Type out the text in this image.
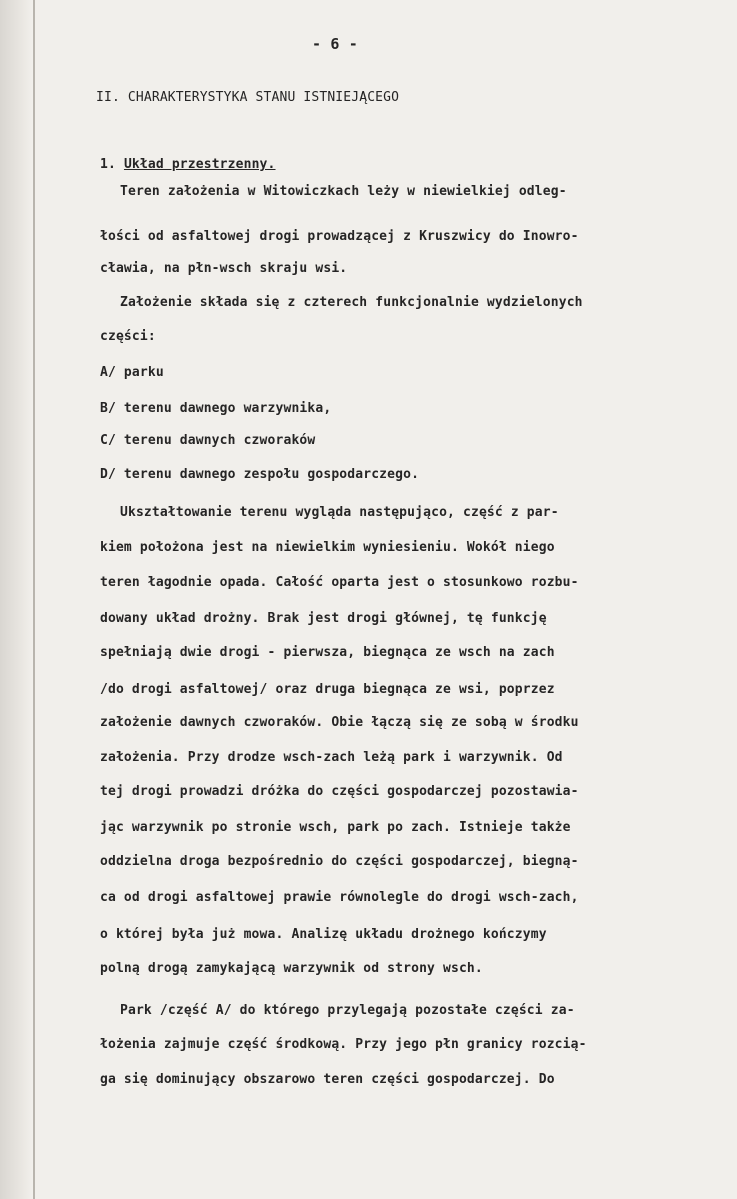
- 6 -
II. CHARAKTERYSTYKA STANU ISTNIEJĄCEGO
1. Układ przestrzenny.
Teren założenia w Witowiczkach leży w niewielkiej odleg-
łości od asfaltowej drogi prowadzącej z Kruszwicy do Inowro-
cławia, na płn-wsch skraju wsi.
Założenie składa się z czterech funkcjonalnie wydzielonych
części:
A/ parku
B/ terenu dawnego warzywnika,
C/ terenu dawnych czworaków
D/ terenu dawnego zespołu gospodarczego.
Ukształtowanie terenu wygląda następująco, część z par-
kiem położona jest na niewielkim wyniesieniu. Wokół niego
teren łagodnie opada. Całość oparta jest o stosunkowo rozbu-
dowany układ drożny. Brak jest drogi głównej, tę funkcję
spełniają dwie drogi - pierwsza, biegnąca ze wsch na zach
/do drogi asfaltowej/ oraz druga biegnąca ze wsi, poprzez
założenie dawnych czworaków. Obie łączą się ze sobą w środku
założenia. Przy drodze wsch-zach leżą park i warzywnik. Od
tej drogi prowadzi dróżka do części gospodarczej pozostawia-
jąc warzywnik po stronie wsch, park po zach. Istnieje także
oddzielna droga bezpośrednio do części gospodarczej, biegną-
ca od drogi asfaltowej prawie równolegle do drogi wsch-zach,
o której była już mowa. Analizę układu drożnego kończymy
polną drogą zamykającą warzywnik od strony wsch.
Park /część A/ do którego przylegają pozostałe części za-
łożenia zajmuje część środkową. Przy jego płn granicy rozcią-
ga się dominujący obszarowo teren części gospodarczej. Do
